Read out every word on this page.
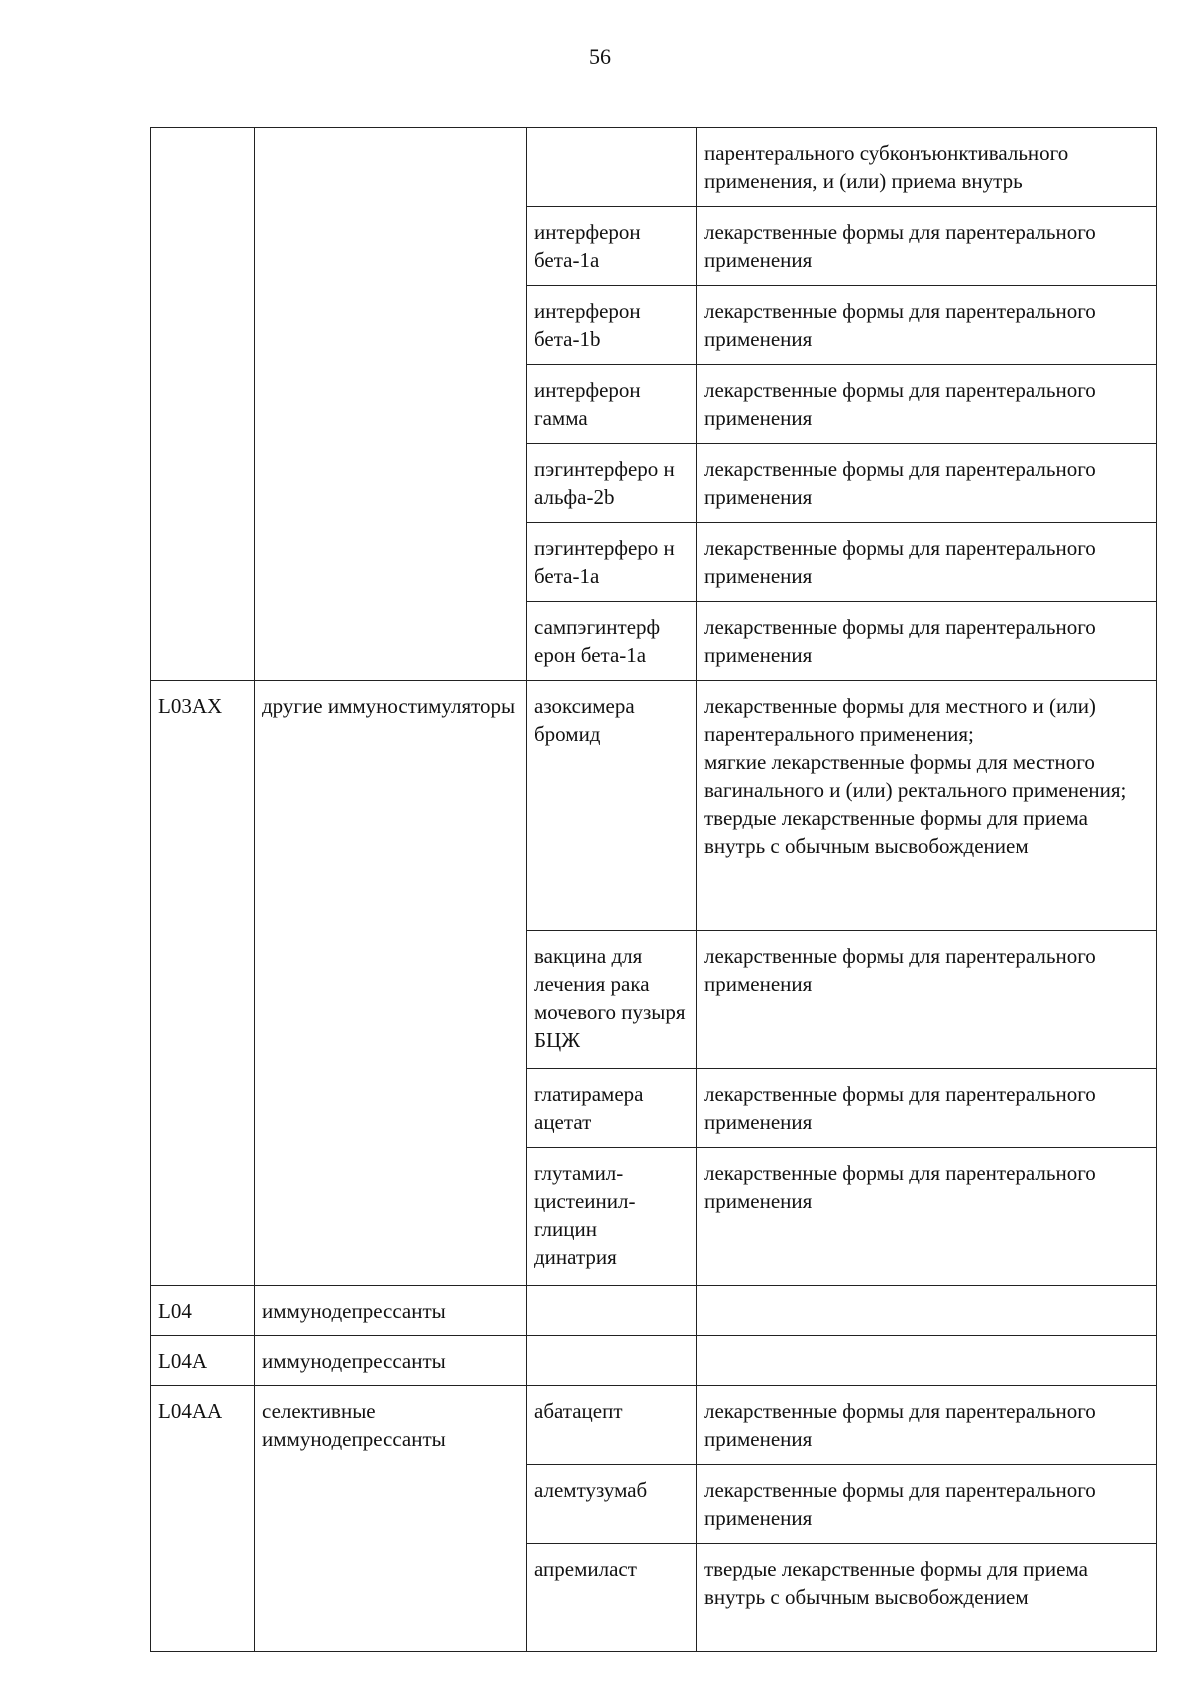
56
			парентерального субконъюнктивального применения, и (или) приема внутрь
		интерферон бета-1a	лекарственные формы для парентерального применения
		интерферон бета-1b	лекарственные формы для парентерального применения
		интерферон гамма	лекарственные формы для парентерального применения
		пэгинтерферо н альфа-2b	лекарственные формы для парентерального применения
		пэгинтерферо н бета-1a	лекарственные формы для парентерального применения
		сампэгинтерф ерон бета-1a	лекарственные формы для парентерального применения
L03AX	другие иммуностимуляторы	азоксимера бромид	лекарственные формы для местного и (или) парентерального применения;
мягкие лекарственные формы для местного вагинального и (или) ректального применения;
твердые лекарственные формы для приема внутрь с обычным высвобождением
		вакцина для лечения рака мочевого пузыря БЦЖ	лекарственные формы для парентерального применения
		глатирамера ацетат	лекарственные формы для парентерального применения
		глутамил-
цистеинил-
глицин
динатрия	лекарственные формы для парентерального применения
L04	иммунодепрессанты		
L04A	иммунодепрессанты		
L04AA	селективные иммунодепрессанты	абатацепт	лекарственные формы для парентерального применения
		алемтузумаб	лекарственные формы для парентерального применения
		апремиласт	твердые лекарственные формы для приема внутрь с обычным высвобождением
